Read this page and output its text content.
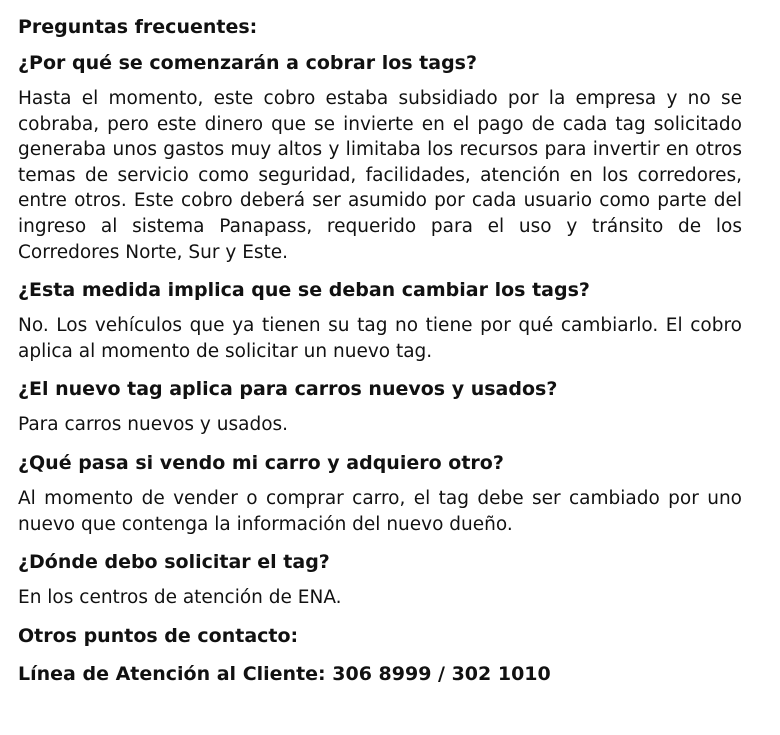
Preguntas frecuentes:

¿Por qué se comenzarán a cobrar los tags?

Hasta el momento, este cobro estaba subsidiado por la empresa y no se cobraba, pero este dinero que se invierte en el pago de cada tag solicitado generaba unos gastos muy altos y limitaba los recursos para invertir en otros temas de servicio como seguridad, facilidades, atención en los corredores, entre otros. Este cobro deberá ser asumido por cada usuario como parte del ingreso al sistema Panapass, requerido para el uso y tránsito de los Corredores Norte, Sur y Este.

¿Esta medida implica que se deban cambiar los tags?

No. Los vehículos que ya tienen su tag no tiene por qué cambiarlo. El cobro aplica al momento de solicitar un nuevo tag.

¿El nuevo tag aplica para carros nuevos y usados?

Para carros nuevos y usados.

¿Qué pasa si vendo mi carro y adquiero otro?

Al momento de vender o comprar carro, el tag debe ser cambiado por uno nuevo que contenga la información del nuevo dueño.

¿Dónde debo solicitar el tag?

En los centros de atención de ENA.

Otros puntos de contacto:

Línea de Atención al Cliente: 306 8999 / 302 1010
